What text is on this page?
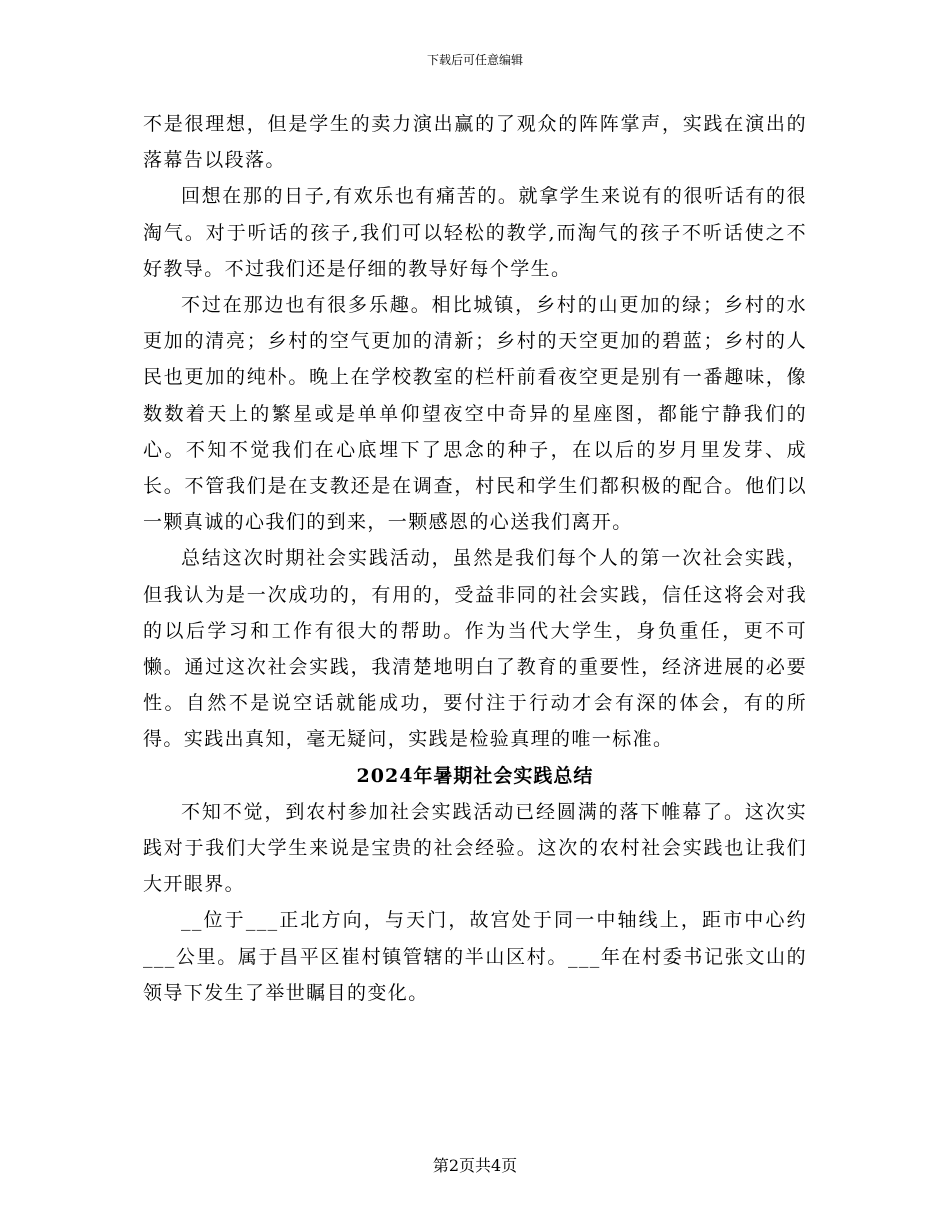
下载后可任意编辑

不是很理想，但是学生的卖力演出赢的了观众的阵阵掌声，实践在演出的落幕告以段落。

回想在那的日子,有欢乐也有痛苦的。就拿学生来说有的很听话有的很淘气。对于听话的孩子,我们可以轻松的教学,而淘气的孩子不听话使之不好教导。不过我们还是仔细的教导好每个学生。

不过在那边也有很多乐趣。相比城镇，乡村的山更加的绿；乡村的水更加的清亮；乡村的空气更加的清新；乡村的天空更加的碧蓝；乡村的人民也更加的纯朴。晚上在学校教室的栏杆前看夜空更是别有一番趣味，像数数着天上的繁星或是单单仰望夜空中奇异的星座图，都能宁静我们的心。不知不觉我们在心底埋下了思念的种子，在以后的岁月里发芽、成长。不管我们是在支教还是在调查，村民和学生们都积极的配合。他们以一颗真诚的心我们的到来，一颗感恩的心送我们离开。

总结这次时期社会实践活动，虽然是我们每个人的第一次社会实践，但我认为是一次成功的，有用的，受益非同的社会实践，信任这将会对我的以后学习和工作有很大的帮助。作为当代大学生，身负重任，更不可懒。通过这次社会实践，我清楚地明白了教育的重要性，经济进展的必要性。自然不是说空话就能成功，要付注于行动才会有深的体会，有的所得。实践出真知，毫无疑问，实践是检验真理的唯一标准。

2024年暑期社会实践总结

不知不觉，到农村参加社会实践活动已经圆满的落下帷幕了。这次实践对于我们大学生来说是宝贵的社会经验。这次的农村社会实践也让我们大开眼界。

__位于___正北方向，与天门，故宫处于同一中轴线上，距市中心约___公里。属于昌平区崔村镇管辖的半山区村。___年在村委书记张文山的领导下发生了举世瞩目的变化。

第2页共4页
